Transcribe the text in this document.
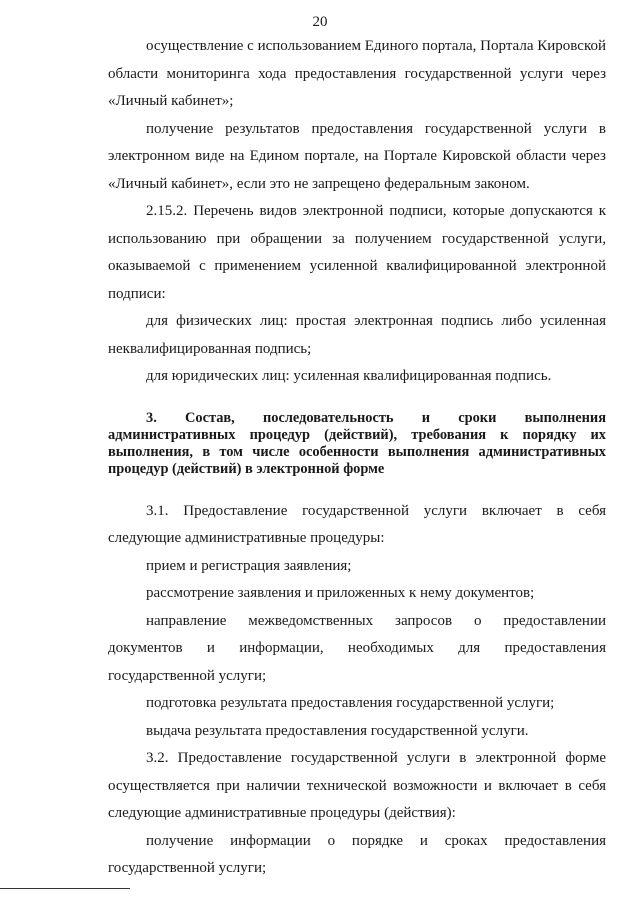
20

осуществление с использованием Единого портала, Портала Кировской области мониторинга хода предоставления государственной услуги через «Личный кабинет»;

получение результатов предоставления государственной услуги в электронном виде на Едином портале, на Портале Кировской области через «Личный кабинет», если это не запрещено федеральным законом.

2.15.2. Перечень видов электронной подписи, которые допускаются к использованию при обращении за получением государственной услуги, оказываемой с применением усиленной квалифицированной электронной подписи:

для физических лиц: простая электронная подпись либо усиленная неквалифицированная подпись;

для юридических лиц: усиленная квалифицированная подпись.

3. Состав, последовательность и сроки выполнения административных процедур (действий), требования к порядку их выполнения, в том числе особенности выполнения административных процедур (действий) в электронной форме

3.1. Предоставление государственной услуги включает в себя следующие административные процедуры:

прием и регистрация заявления;

рассмотрение заявления и приложенных к нему документов;

направление межведомственных запросов о предоставлении документов и информации, необходимых для предоставления государственной услуги;

подготовка результата предоставления государственной услуги;

выдача результата предоставления государственной услуги.

3.2. Предоставление государственной услуги в электронной форме осуществляется при наличии технической возможности и включает в себя следующие административные процедуры (действия):

получение информации о порядке и сроках предоставления государственной услуги;
